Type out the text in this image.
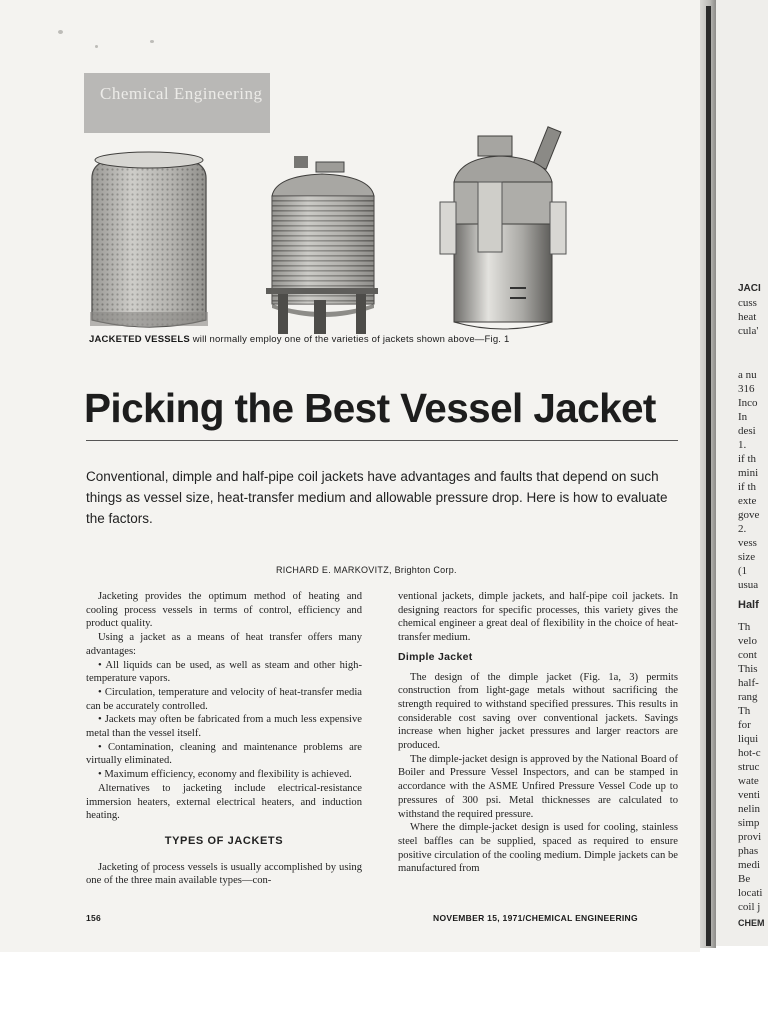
JACI
cuss
heat
cula'
a nu
316
Inco
In
desi
1.
if th
mini
if th
exte
gove
2.
vess
size
(1
usua
Half
Th
velo
cont
This
half-
rang
Th
for
liqui
hot-c
struc
wate
venti
nelin
simp
provi
phas
medi
Be
locati
coil j
CHEM
Chemical Engineering
JACKETED VESSELS will normally employ one of the varieties of jackets shown above—Fig. 1
Picking the Best Vessel Jacket
Conventional, dimple and half-pipe coil jackets have advantages and faults that depend on such things as vessel size, heat-transfer medium and allowable pressure drop. Here is how to evaluate the factors.
RICHARD E. MARKOVITZ, Brighton Corp.

Jacketing provides the optimum method of heating and cooling process vessels in terms of control, efficiency and product quality.

Using a jacket as a means of heat transfer offers many advantages:

• All liquids can be used, as well as steam and other high-temperature vapors.

• Circulation, temperature and velocity of heat-transfer media can be accurately controlled.

• Jackets may often be fabricated from a much less expensive metal than the vessel itself.

• Contamination, cleaning and maintenance problems are virtually eliminated.

• Maximum efficiency, economy and flexibility is achieved.

Alternatives to jacketing include electrical-resistance immersion heaters, external electrical heaters, and induction heating.

TYPES OF JACKETS

Jacketing of process vessels is usually accomplished by using one of the three main available types—con-

ventional jackets, dimple jackets, and half-pipe coil jackets. In designing reactors for specific processes, this variety gives the chemical engineer a great deal of flexibility in the choice of heat-transfer medium.

Dimple Jacket

The design of the dimple jacket (Fig. 1a, 3) permits construction from light-gage metals without sacrificing the strength required to withstand specified pressures. This results in considerable cost saving over conventional jackets. Savings increase when higher jacket pressures and larger reactors are produced.

The dimple-jacket design is approved by the National Board of Boiler and Pressure Vessel Inspectors, and can be stamped in accordance with the ASME Unfired Pressure Vessel Code up to pressures of 300 psi. Metal thicknesses are calculated to withstand the required pressure.

Where the dimple-jacket design is used for cooling, stainless steel baffles can be supplied, spaced as required to ensure positive circulation of the cooling medium. Dimple jackets can be manufactured from

156	NOVEMBER 15, 1971/CHEMICAL ENGINEERING
